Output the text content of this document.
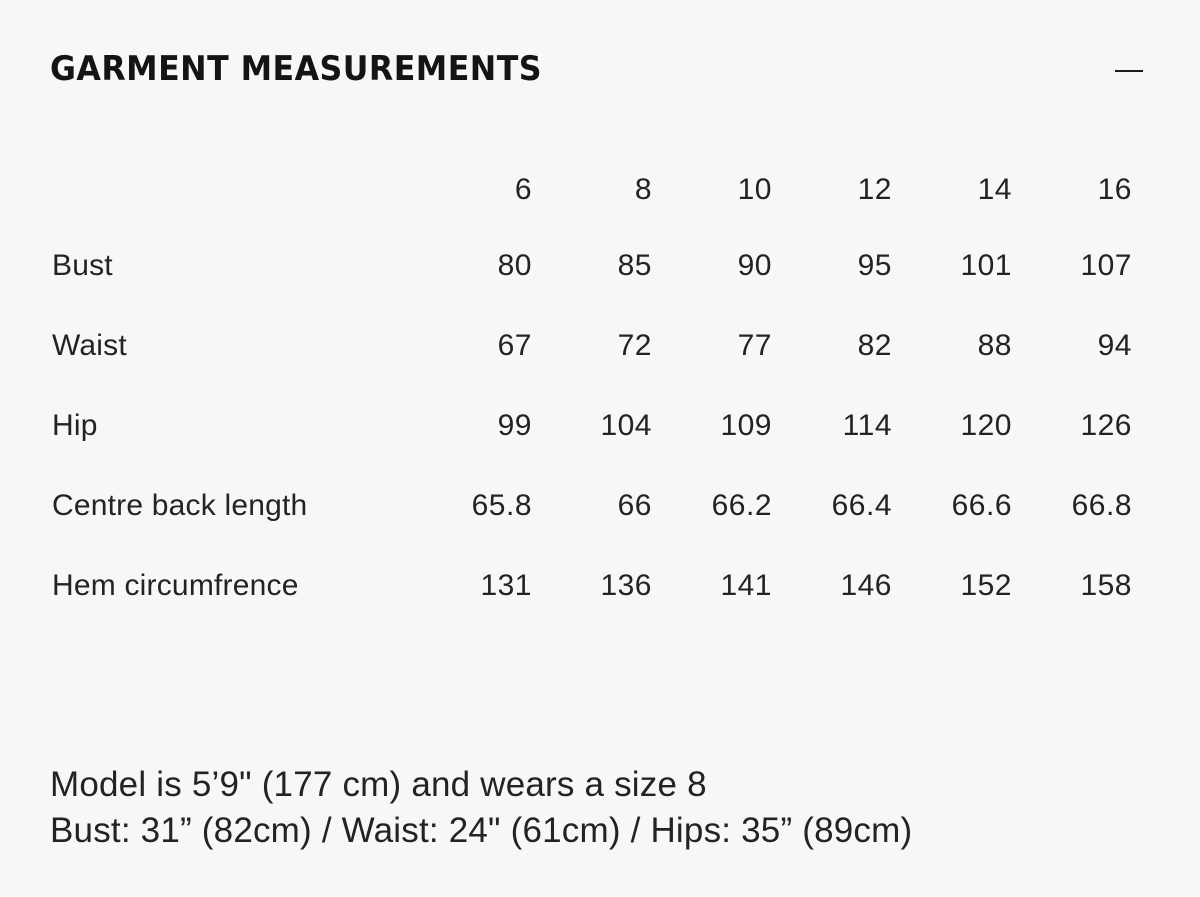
GARMENT MEASUREMENTS
	6	8	10	12	14	16
Bust	80	85	90	95	101	107
Waist	67	72	77	82	88	94
Hip	99	104	109	114	120	126
Centre back length	65.8	66	66.2	66.4	66.6	66.8
Hem circumfrence	131	136	141	146	152	158
Model is 5’9" (177 cm) and wears a size 8
Bust: 31” (82cm) / Waist: 24" (61cm) / Hips: 35” (89cm)
